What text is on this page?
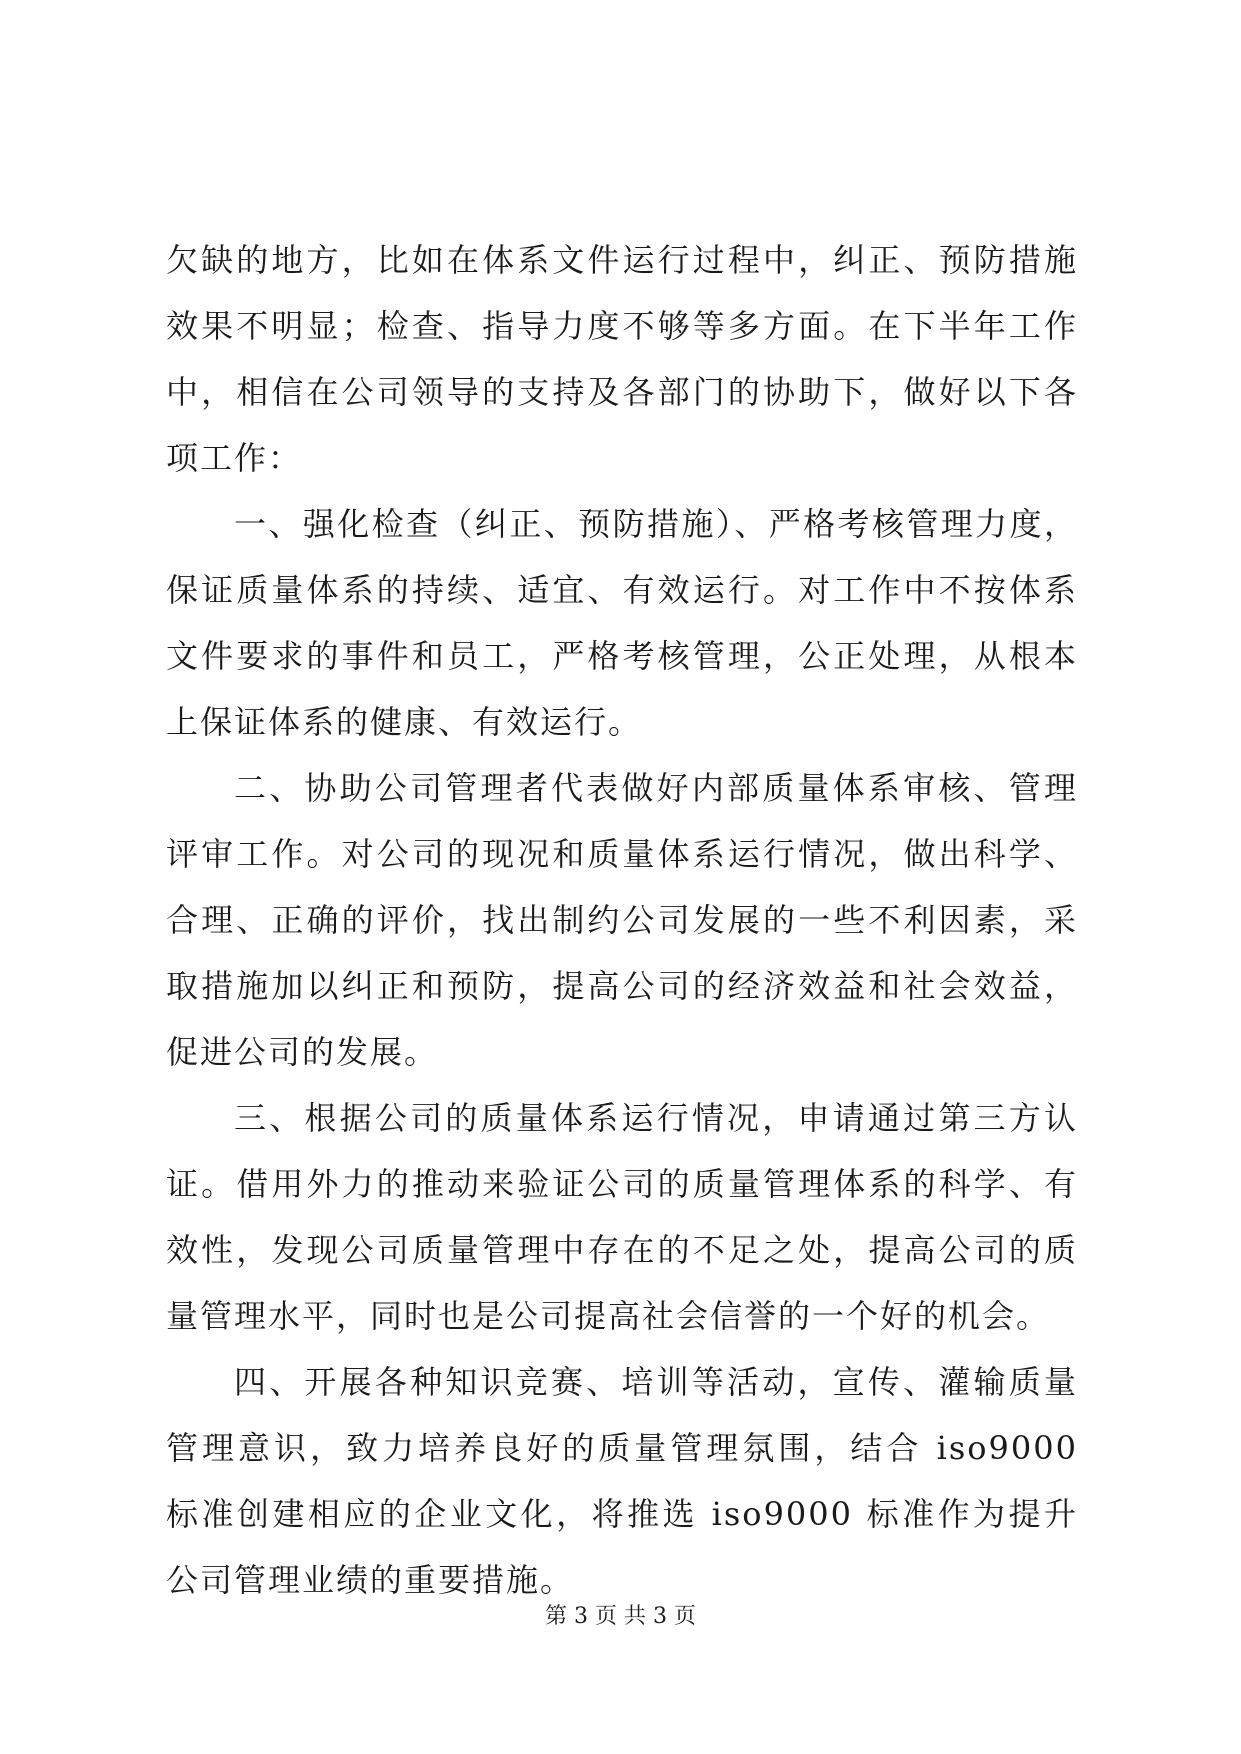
欠缺的地方，比如在体系文件运行过程中，纠正、预防措施效果不明显；检查、指导力度不够等多方面。在下半年工作中，相信在公司领导的支持及各部门的协助下，做好以下各项工作：

一、强化检查（纠正、预防措施）、严格考核管理力度，保证质量体系的持续、适宜、有效运行。对工作中不按体系文件要求的事件和员工，严格考核管理，公正处理，从根本上保证体系的健康、有效运行。

二、协助公司管理者代表做好内部质量体系审核、管理评审工作。对公司的现况和质量体系运行情况，做出科学、合理、正确的评价，找出制约公司发展的一些不利因素，采取措施加以纠正和预防，提高公司的经济效益和社会效益，促进公司的发展。

三、根据公司的质量体系运行情况，申请通过第三方认证。借用外力的推动来验证公司的质量管理体系的科学、有效性，发现公司质量管理中存在的不足之处，提高公司的质量管理水平，同时也是公司提高社会信誉的一个好的机会。

四、开展各种知识竞赛、培训等活动，宣传、灌输质量管理意识，致力培养良好的质量管理氛围，结合 iso9000 标准创建相应的企业文化，将推选 iso9000 标准作为提升公司管理业绩的重要措施。

第 3 页 共 3 页
